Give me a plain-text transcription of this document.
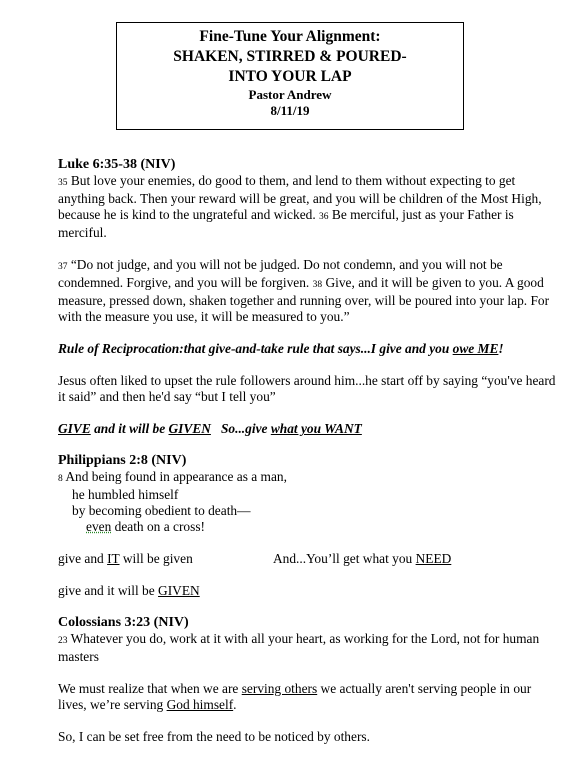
Fine-Tune Your Alignment:
SHAKEN, STIRRED & POURED-
INTO YOUR LAP
Pastor Andrew
8/11/19

Luke 6:35-38 (NIV)

35 But love your enemies, do good to them, and lend to them without expecting to get anything back. Then your reward will be great, and you will be children of the Most High, because he is kind to the ungrateful and wicked. 36 Be merciful, just as your Father is merciful.

37 “Do not judge, and you will not be judged. Do not condemn, and you will not be condemned. Forgive, and you will be forgiven. 38 Give, and it will be given to you. A good measure, pressed down, shaken together and running over, will be poured into your lap. For with the measure you use, it will be measured to you.”

Rule of Reciprocation:that give-and-take rule that says...I give and you owe ME!

Jesus often liked to upset the rule followers around him...he start off by saying “you've heard it said” and then he'd say “but I tell you”

GIVE and it will be GIVEN   So...give what you WANT

Philippians 2:8 (NIV)

8 And being found in appearance as a man,

he humbled himself

by becoming obedient to death—

even death on a cross!

give and IT will be given	And...You’ll get what you NEED

give and it will be GIVEN

Colossians 3:23 (NIV)

23 Whatever you do, work at it with all your heart, as working for the Lord, not for human masters

We must realize that when we are serving others we actually aren't serving people in our lives, we’re serving God himself.

So, I can be set free from the need to be noticed by others.
